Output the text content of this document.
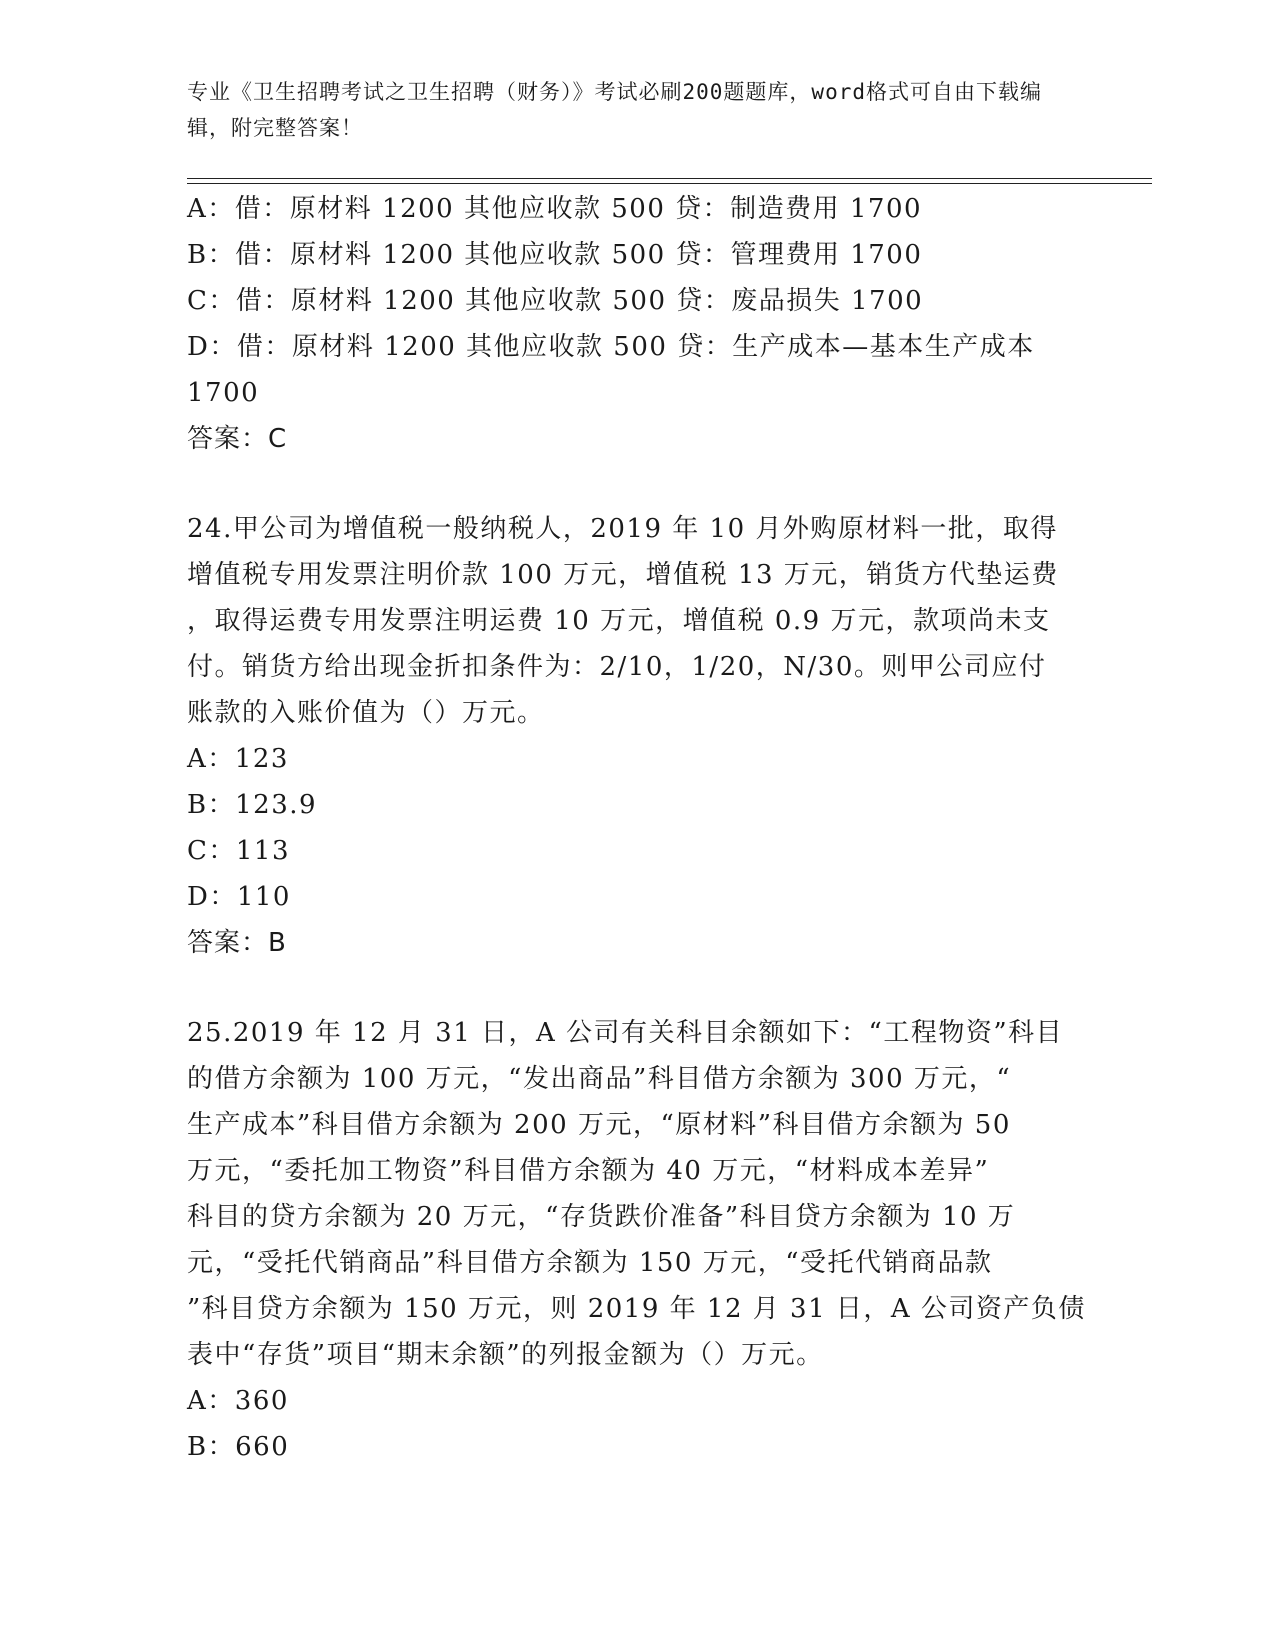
专业《卫生招聘考试之卫生招聘（财务）》考试必刷200题题库，word格式可自由下载编辑，附完整答案！
A：借：原材料 1200 其他应收款 500 贷：制造费用 1700
B：借：原材料 1200 其他应收款 500 贷：管理费用 1700
C：借：原材料 1200 其他应收款 500 贷：废品损失 1700
D：借：原材料 1200 其他应收款 500 贷：生产成本—基本生产成本
1700
答案：C
24.甲公司为增值税一般纳税人，2019 年 10 月外购原材料一批，取得
增值税专用发票注明价款 100 万元，增值税 13 万元，销货方代垫运费
，取得运费专用发票注明运费 10 万元，增值税 0.9 万元，款项尚未支
付。销货方给出现金折扣条件为：2/10，1/20，N/30。则甲公司应付
账款的入账价值为（）万元。
A：123
B：123.9
C：113
D：110
答案：B
25.2019 年 12 月 31 日，A 公司有关科目余额如下：“工程物资”科目
的借方余额为 100 万元，“发出商品”科目借方余额为 300 万元，“
生产成本”科目借方余额为 200 万元，“原材料”科目借方余额为 50
万元，“委托加工物资”科目借方余额为 40 万元，“材料成本差异”
科目的贷方余额为 20 万元，“存货跌价准备”科目贷方余额为 10 万
元，“受托代销商品”科目借方余额为 150 万元，“受托代销商品款
”科目贷方余额为 150 万元，则 2019 年 12 月 31 日，A 公司资产负债
表中“存货”项目“期末余额”的列报金额为（）万元。
A：360
B：660
